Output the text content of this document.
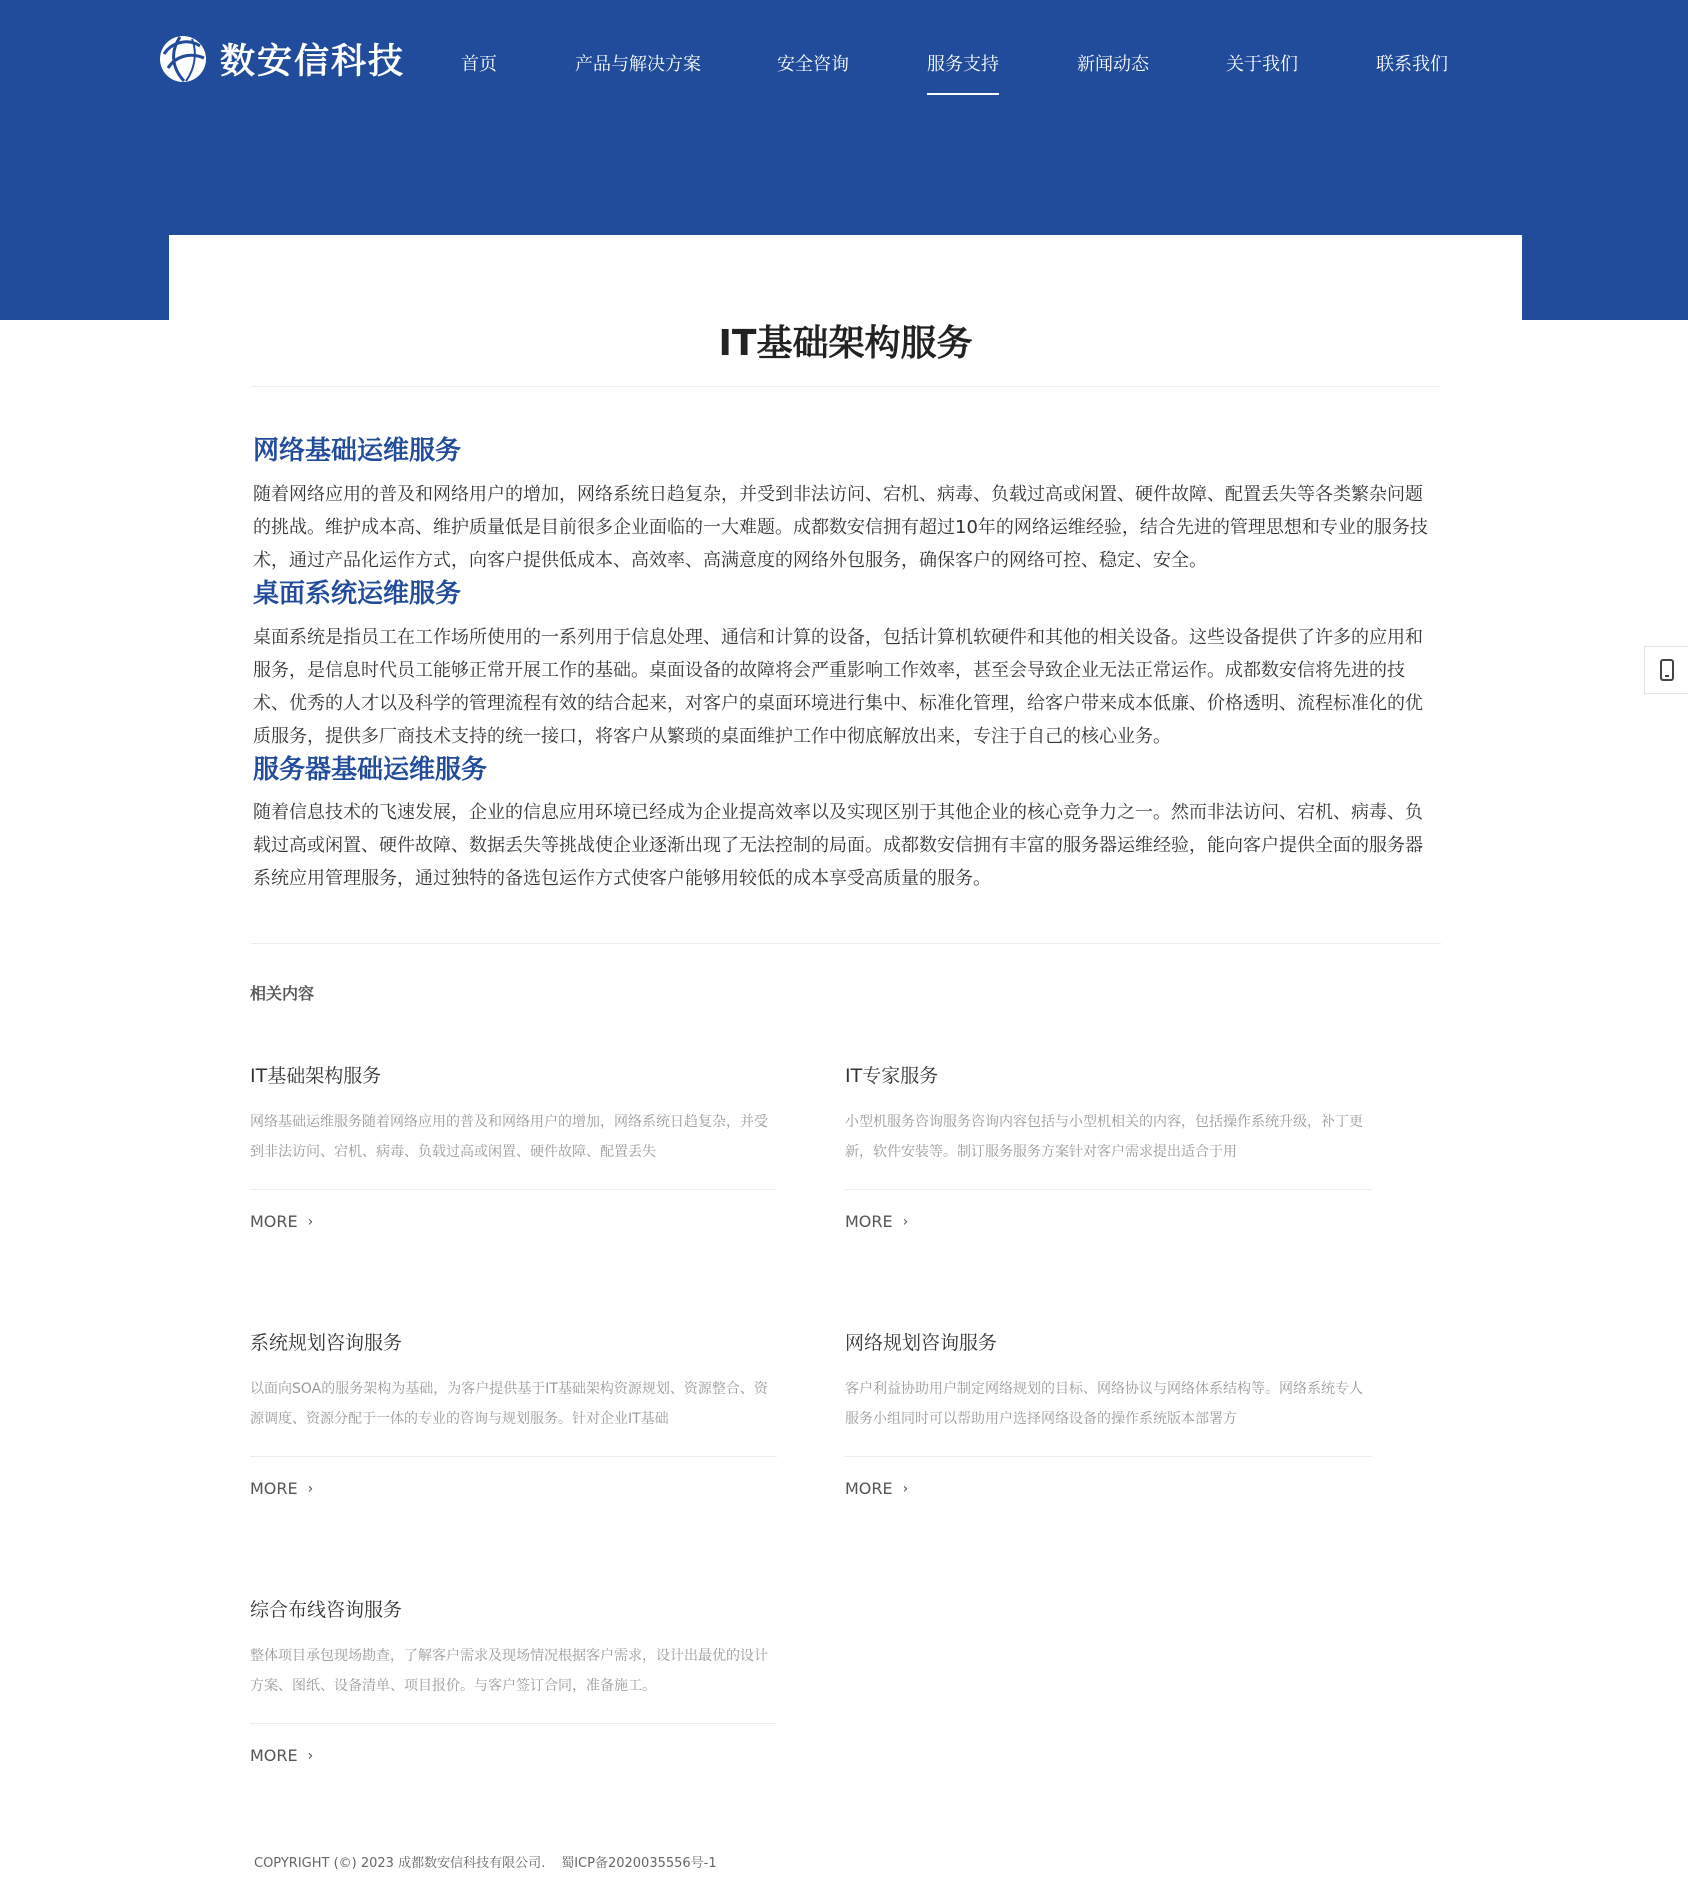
数安信科技	首页	产品与解决方案	安全咨询	服务支持	新闻动态	关于我们	联系我们
IT基础架构服务
网络基础运维服务

随着网络应用的普及和网络用户的增加，网络系统日趋复杂，并受到非法访问、宕机、病毒、负载过高或闲置、硬件故障、配置丢失等各类繁杂问题的挑战。维护成本高、维护质量低是目前很多企业面临的一大难题。成都数安信拥有超过10年的网络运维经验，结合先进的管理思想和专业的服务技术，通过产品化运作方式，向客户提供低成本、高效率、高满意度的网络外包服务，确保客户的网络可控、稳定、安全。

桌面系统运维服务

桌面系统是指员工在工作场所使用的一系列用于信息处理、通信和计算的设备，包括计算机软硬件和其他的相关设备。这些设备提供了许多的应用和服务，是信息时代员工能够正常开展工作的基础。桌面设备的故障将会严重影响工作效率，甚至会导致企业无法正常运作。成都数安信将先进的技术、优秀的人才以及科学的管理流程有效的结合起来，对客户的桌面环境进行集中、标准化管理，给客户带来成本低廉、价格透明、流程标准化的优质服务，提供多厂商技术支持的统一接口，将客户从繁琐的桌面维护工作中彻底解放出来，专注于自己的核心业务。

服务器基础运维服务

随着信息技术的飞速发展，企业的信息应用环境已经成为企业提高效率以及实现区别于其他企业的核心竞争力之一。然而非法访问、宕机、病毒、负载过高或闲置、硬件故障、数据丢失等挑战使企业逐渐出现了无法控制的局面。成都数安信拥有丰富的服务器运维经验，能向客户提供全面的服务器系统应用管理服务，通过独特的备选包运作方式使客户能够用较低的成本享受高质量的服务。

相关内容
IT基础架构服务
网络基础运维服务随着网络应用的普及和网络用户的增加，网络系统日趋复杂，并受到非法访问、宕机、病毒、负载过高或闲置、硬件故障、配置丢失
MORE ›
IT专家服务
小型机服务咨询服务咨询内容包括与小型机相关的内容，包括操作系统升级，补丁更新，软件安装等。制订服务服务方案针对客户需求提出适合于用
MORE ›
系统规划咨询服务
以面向SOA的服务架构为基础，为客户提供基于IT基础架构资源规划、资源整合、资源调度、资源分配于一体的专业的咨询与规划服务。针对企业IT基础
MORE ›
网络规划咨询服务
客户利益协助用户制定网络规划的目标、网络协议与网络体系结构等。网络系统专人服务小组同时可以帮助用户选择网络设备的操作系统版本部署方
MORE ›
综合布线咨询服务
整体项目承包现场勘查，了解客户需求及现场情况根据客户需求，设计出最优的设计方案、图纸、设备清单、项目报价。与客户签订合同，准备施工。
MORE ›
COPYRIGHT (©) 2023 成都数安信科技有限公司. 蜀ICP备2020035556号-1
